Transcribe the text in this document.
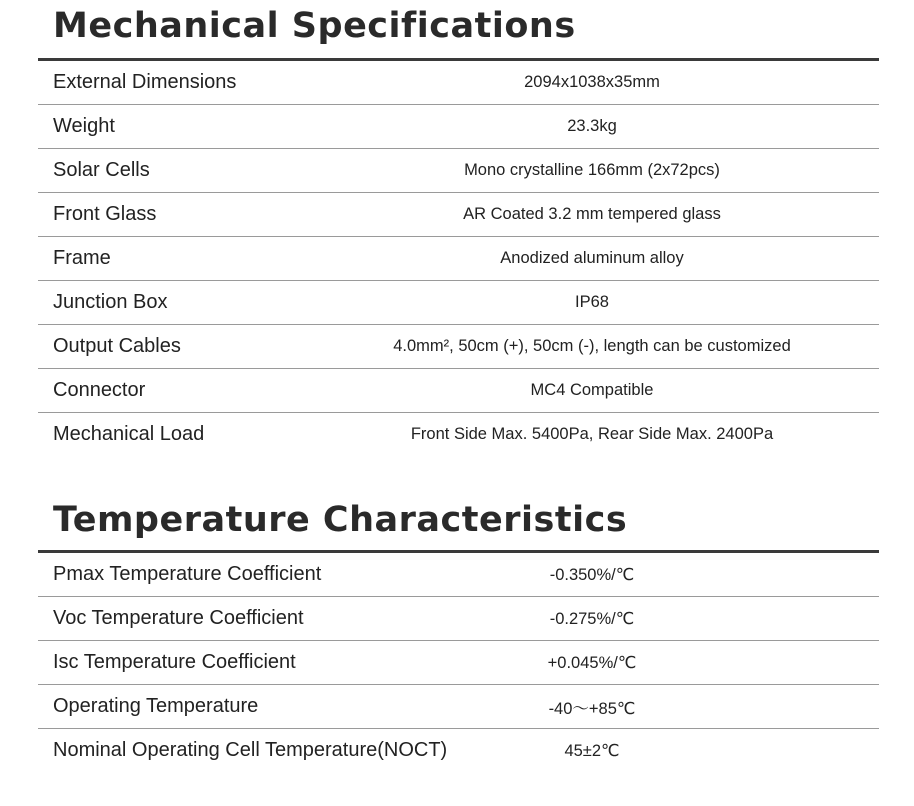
Mechanical Specifications
External Dimensions	2094x1038x35mm
Weight	23.3kg
Solar Cells	Mono crystalline 166mm (2x72pcs)
Front Glass	AR Coated 3.2 mm tempered glass
Frame	Anodized aluminum alloy
Junction Box	IP68
Output Cables	4.0mm², 50cm (+), 50cm (-), length can be customized
Connector	MC4 Compatible
Mechanical Load	Front Side Max. 5400Pa, Rear Side Max. 2400Pa
Temperature Characteristics
Pmax Temperature Coefficient	-0.350%/℃
Voc Temperature Coefficient	-0.275%/℃
Isc Temperature Coefficient	+0.045%/℃
Operating Temperature	-40～+85℃
Nominal Operating Cell Temperature(NOCT)	45±2℃
